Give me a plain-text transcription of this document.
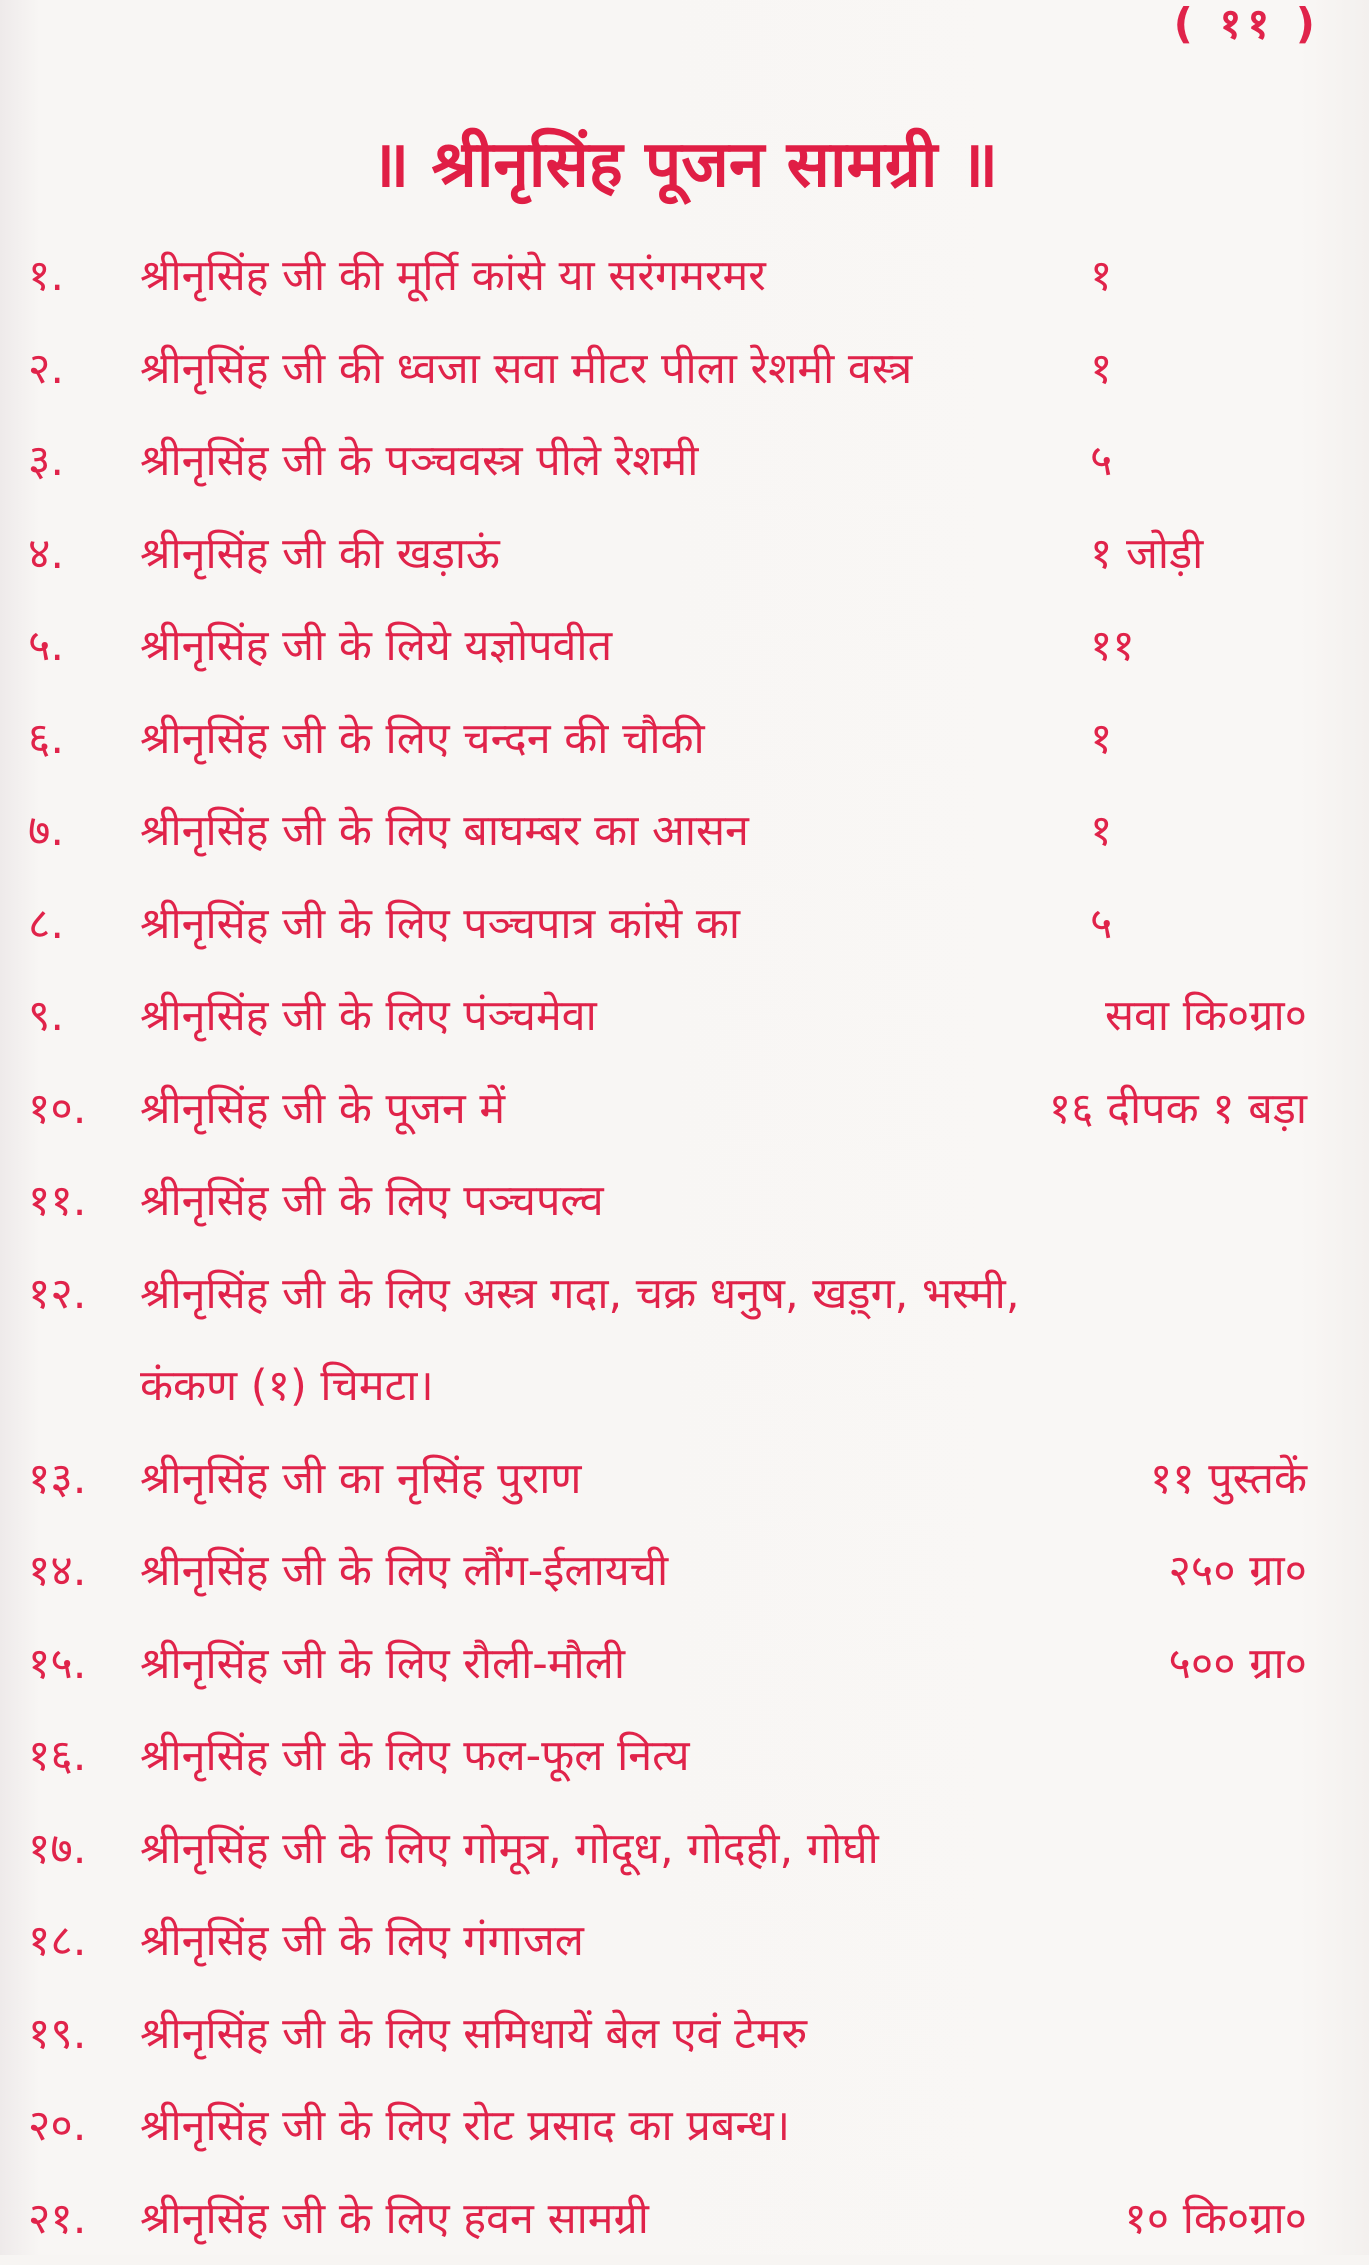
( ११ )
॥ श्रीनृसिंह पूजन सामग्री ॥
१.	श्रीनृसिंह जी की मूर्ति कांसे या सरंगमरमर	१
२.	श्रीनृसिंह जी की ध्वजा सवा मीटर पीला रेशमी वस्त्र	१
३.	श्रीनृसिंह जी के पञ्चवस्त्र पीले रेशमी	५
४.	श्रीनृसिंह जी की खड़ाऊं	१ जोड़ी
५.	श्रीनृसिंह जी के लिये यज्ञोपवीत	११
६.	श्रीनृसिंह जी के लिए चन्दन की चौकी	१
७.	श्रीनृसिंह जी के लिए बाघम्बर का आसन	१
८.	श्रीनृसिंह जी के लिए पञ्चपात्र कांसे का	५
९.	श्रीनृसिंह जी के लिए पंञ्चमेवा	सवा कि०ग्रा०
१०.	श्रीनृसिंह जी के पूजन में	१६ दीपक १ बड़ा
११.	श्रीनृसिंह जी के लिए पञ्चपल्व
१२.	श्रीनृसिंह जी के लिए अस्त्र गदा, चक्र धनुष, खड़्ग, भस्मी,
कंकण (१) चिमटा।
१३.	श्रीनृसिंह जी का नृसिंह पुराण	११ पुस्तकें
१४.	श्रीनृसिंह जी के लिए लौंग-ईलायची	२५० ग्रा०
१५.	श्रीनृसिंह जी के लिए रौली-मौली	५०० ग्रा०
१६.	श्रीनृसिंह जी के लिए फल-फूल नित्य
१७.	श्रीनृसिंह जी के लिए गोमूत्र, गोदूध, गोदही, गोघी
१८.	श्रीनृसिंह जी के लिए गंगाजल
१९.	श्रीनृसिंह जी के लिए समिधायें बेल एवं टेमरु
२०.	श्रीनृसिंह जी के लिए रोट प्रसाद का प्रबन्ध।
२१.	श्रीनृसिंह जी के लिए हवन सामग्री	१० कि०ग्रा०
